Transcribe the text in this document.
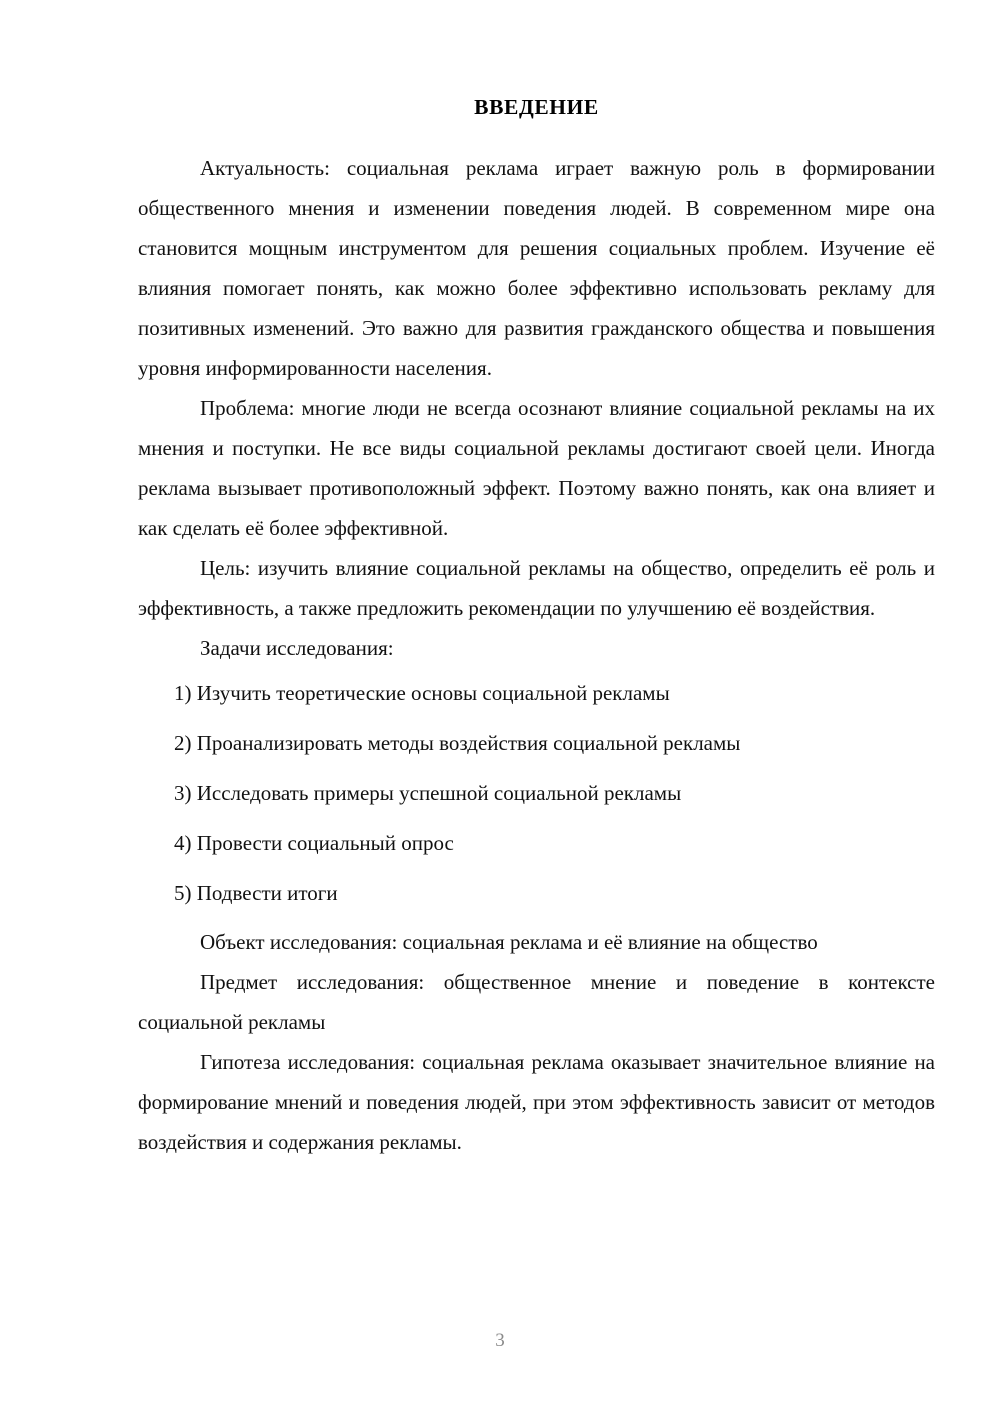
ВВЕДЕНИЕ

Актуальность: социальная реклама играет важную роль в формировании общественного мнения и изменении поведения людей. В современном мире она становится мощным инструментом для решения социальных проблем. Изучение её влияния помогает понять, как можно более эффективно использовать рекламу для позитивных изменений. Это важно для развития гражданского общества и повышения уровня информированности населения.

Проблема: многие люди не всегда осознают влияние социальной рекламы на их мнения и поступки. Не все виды социальной рекламы достигают своей цели. Иногда реклама вызывает противоположный эффект. Поэтому важно понять, как она влияет и как сделать её более эффективной.

Цель: изучить влияние социальной рекламы на общество, определить её роль и эффективность, а также предложить рекомендации по улучшению её воздействия.

Задачи исследования:

1) Изучить теоретические основы социальной рекламы
2) Проанализировать методы воздействия социальной рекламы
3) Исследовать примеры успешной социальной рекламы
4) Провести социальный опрос
5) Подвести итоги

Объект исследования: социальная реклама и её влияние на общество

Предмет исследования: общественное мнение и поведение в контексте социальной рекламы

Гипотеза исследования: социальная реклама оказывает значительное влияние на формирование мнений и поведения людей, при этом эффективность зависит от методов воздействия и содержания рекламы.

3
